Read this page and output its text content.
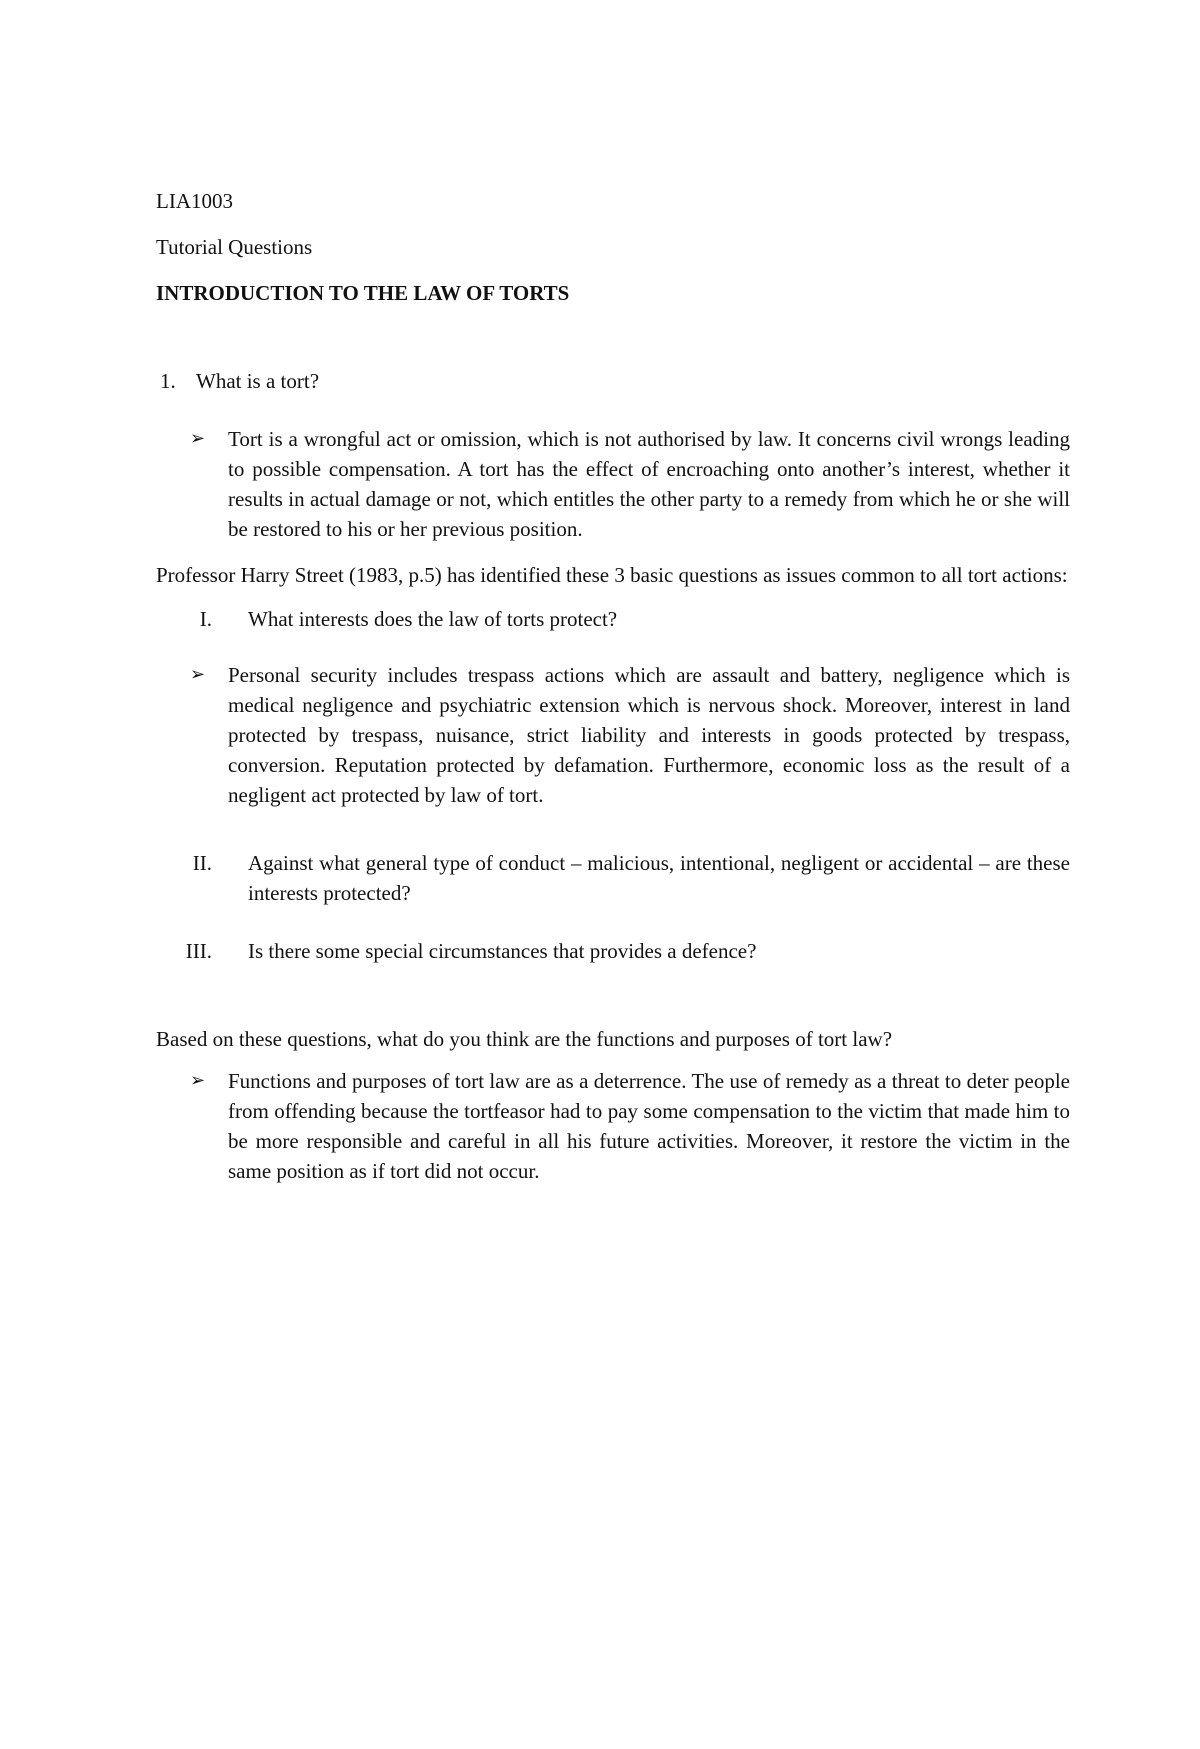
LIA1003

Tutorial Questions

INTRODUCTION TO THE LAW OF TORTS

1. What is a tort?
➢ Tort is a wrongful act or omission, which is not authorised by law. It concerns civil wrongs leading to possible compensation. A tort has the effect of encroaching onto another’s interest, whether it results in actual damage or not, which entitles the other party to a remedy from which he or she will be restored to his or her previous position.

Professor Harry Street (1983, p.5) has identified these 3 basic questions as issues common to all tort actions:

I. What interests does the law of torts protect?
➢ Personal security includes trespass actions which are assault and battery, negligence which is medical negligence and psychiatric extension which is nervous shock. Moreover, interest in land protected by trespass, nuisance, strict liability and interests in goods protected by trespass, conversion. Reputation protected by defamation. Furthermore, economic loss as the result of a negligent act protected by law of tort.
II. Against what general type of conduct – malicious, intentional, negligent or accidental – are these interests protected?
III. Is there some special circumstances that provides a defence?

Based on these questions, what do you think are the functions and purposes of tort law?

➢ Functions and purposes of tort law are as a deterrence. The use of remedy as a threat to deter people from offending because the tortfeasor had to pay some compensation to the victim that made him to be more responsible and careful in all his future activities. Moreover, it restore the victim in the same position as if tort did not occur.
